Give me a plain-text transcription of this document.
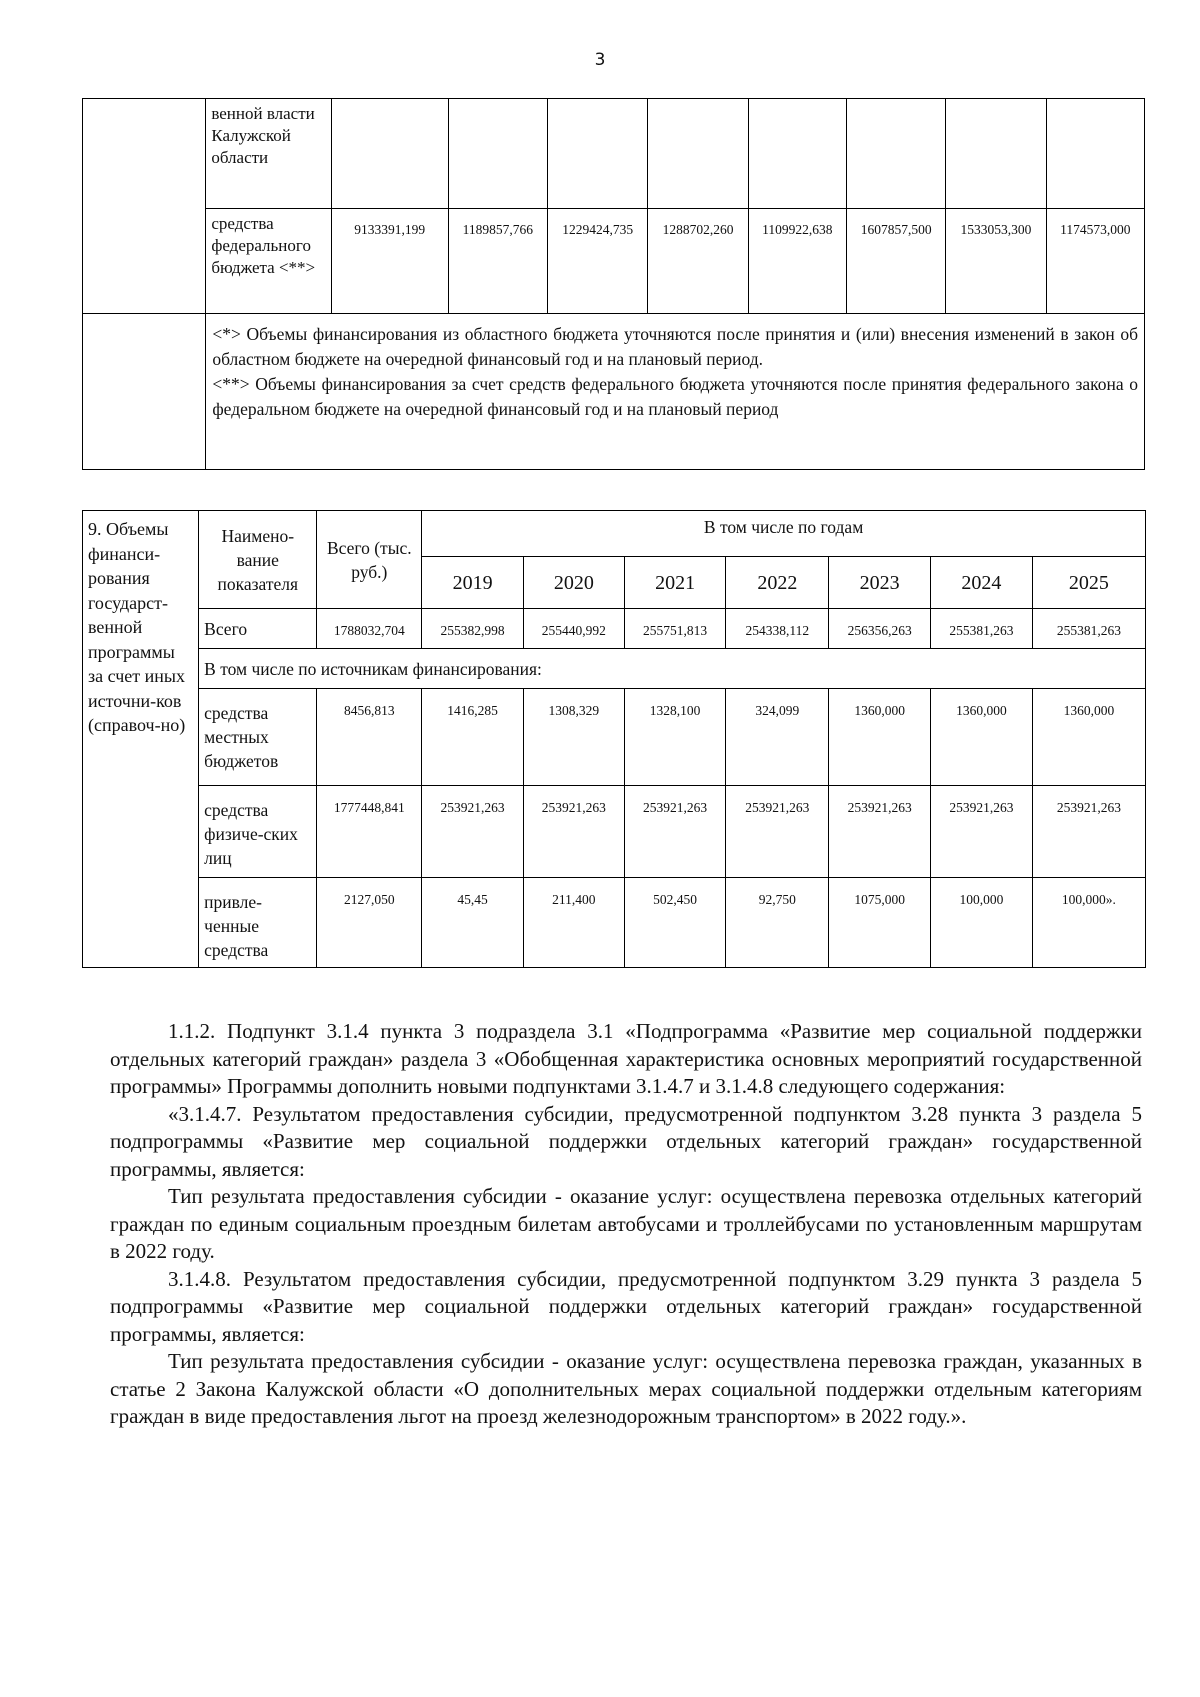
3
	венной власти Калужской области								
	средства федерального бюджета <**>	9133391,199	1189857,766	1229424,735	1288702,260	1109922,638	1607857,500	1533053,300	1174573,000

	<*> Объемы финансирования из областного бюджета уточняются после принятия и (или) внесения изменений в закон об областном бюджете на очередной финансовый год и на плановый период.
<**> Объемы финансирования за счет средств федерального бюджета уточняются после принятия федерального закона о федеральном бюджете на очередной финансовый год и на плановый период								
9. Объемы финанси-рования государст-венной программы за счет иных источни-ков (справоч-но)	Наимено-вание показателя	Всего (тыс. руб.)	В том числе по годам						
			2019	2020	2021	2022	2023	2024	2025
	Всего	1788032,704	255382,998	255440,992	255751,813	254338,112	256356,263	255381,263	255381,263
	В том числе по источникам финансирования:								
	средства местных бюджетов	8456,813	1416,285	1308,329	1328,100	324,099	1360,000	1360,000	1360,000
	средства физиче-ских лиц	1777448,841	253921,263	253921,263	253921,263	253921,263	253921,263	253921,263	253921,263
	привле-ченные средства	2127,050	45,45	211,400	502,450	92,750	1075,000	100,000	100,000».

1.1.2. Подпункт 3.1.4 пункта 3 подраздела 3.1 «Подпрограмма «Развитие мер социальной поддержки отдельных категорий граждан» раздела 3 «Обобщенная характеристика основных мероприятий государственной программы» Программы дополнить новыми подпунктами 3.1.4.7 и 3.1.4.8 следующего содержания:

«3.1.4.7. Результатом предоставления субсидии, предусмотренной подпунктом 3.28 пункта 3 раздела 5 подпрограммы «Развитие мер социальной поддержки отдельных категорий граждан» государственной программы, является:

Тип результата предоставления субсидии - оказание услуг: осуществлена перевозка отдельных категорий граждан по единым социальным проездным билетам автобусами и троллейбусами по установленным маршрутам в 2022 году.

3.1.4.8. Результатом предоставления субсидии, предусмотренной подпунктом 3.29 пункта 3 раздела 5 подпрограммы «Развитие мер социальной поддержки отдельных категорий граждан» государственной программы, является:

Тип результата предоставления субсидии - оказание услуг: осуществлена перевозка граждан, указанных в статье 2 Закона Калужской области «О дополнительных мерах социальной поддержки отдельным категориям граждан в виде предоставления льгот на проезд железнодорожным транспортом» в 2022 году.».
